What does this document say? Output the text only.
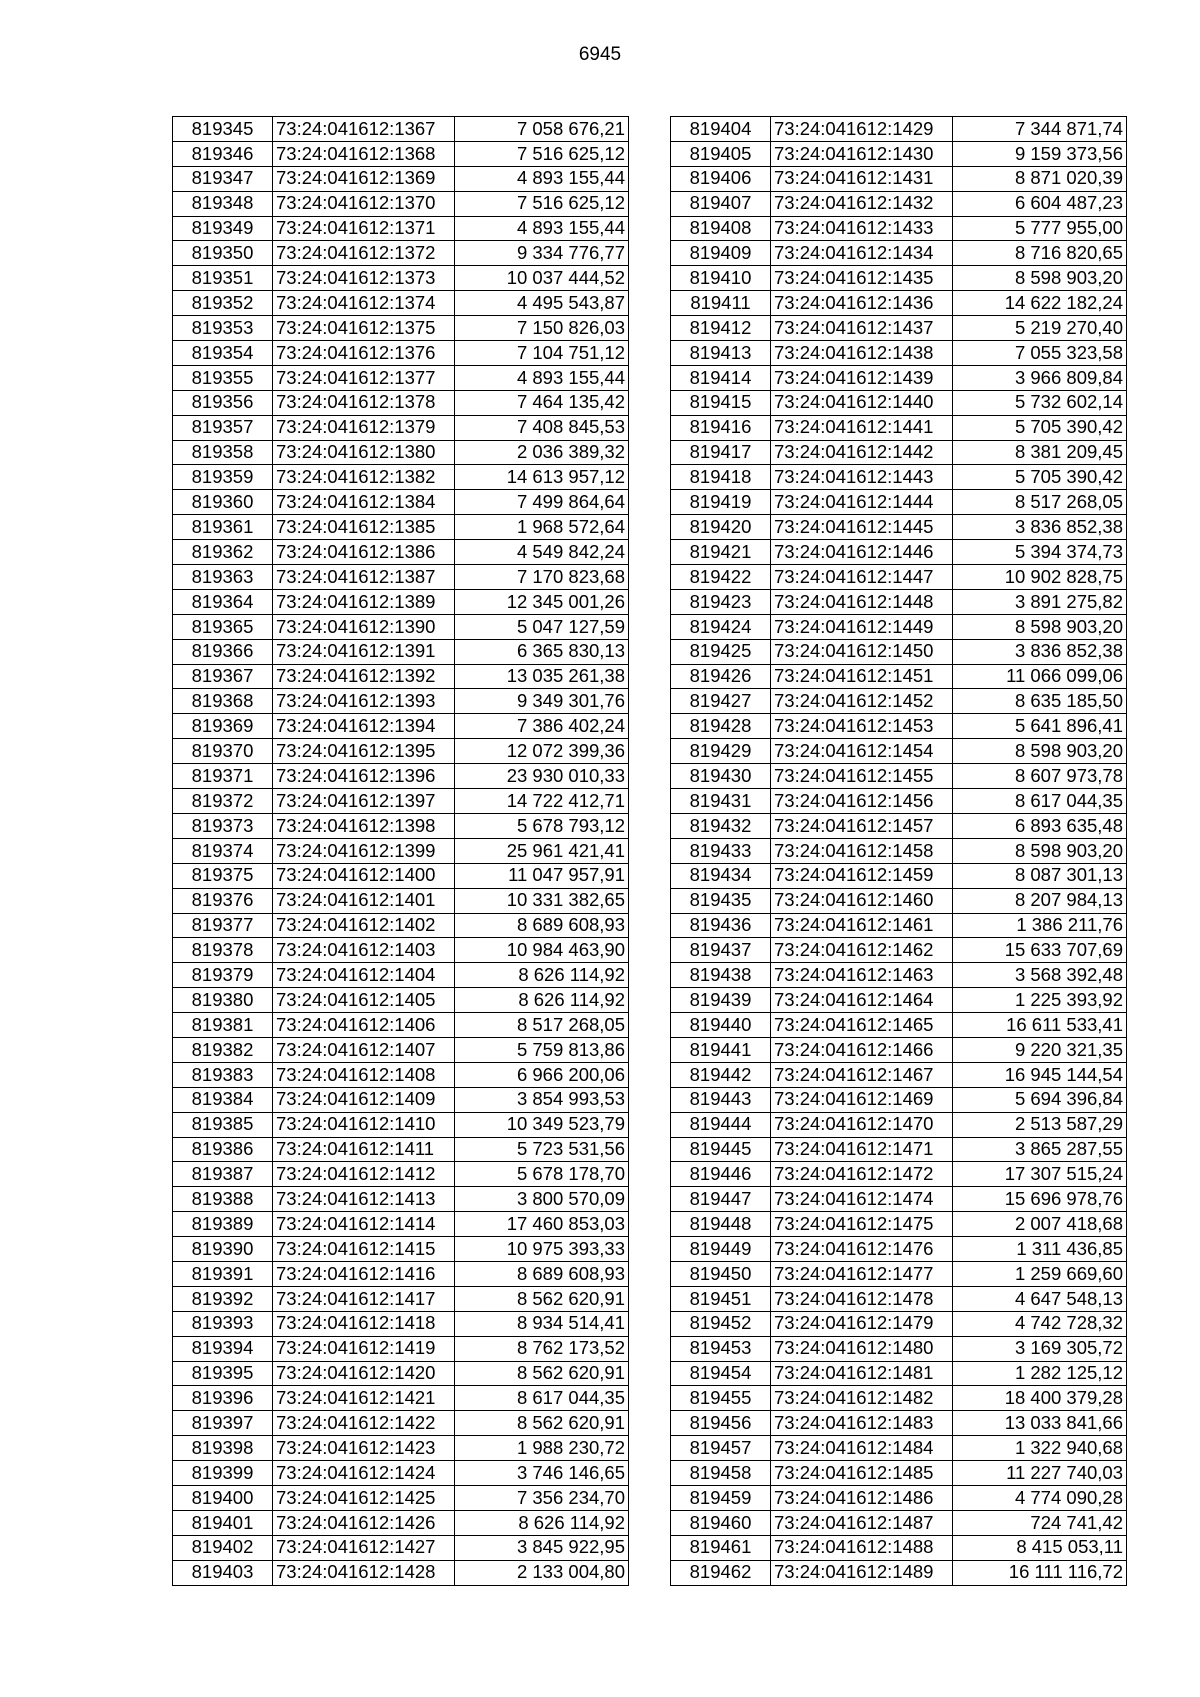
6945
819345	73:24:041612:1367	7 058 676,21
819346	73:24:041612:1368	7 516 625,12
819347	73:24:041612:1369	4 893 155,44
819348	73:24:041612:1370	7 516 625,12
819349	73:24:041612:1371	4 893 155,44
819350	73:24:041612:1372	9 334 776,77
819351	73:24:041612:1373	10 037 444,52
819352	73:24:041612:1374	4 495 543,87
819353	73:24:041612:1375	7 150 826,03
819354	73:24:041612:1376	7 104 751,12
819355	73:24:041612:1377	4 893 155,44
819356	73:24:041612:1378	7 464 135,42
819357	73:24:041612:1379	7 408 845,53
819358	73:24:041612:1380	2 036 389,32
819359	73:24:041612:1382	14 613 957,12
819360	73:24:041612:1384	7 499 864,64
819361	73:24:041612:1385	1 968 572,64
819362	73:24:041612:1386	4 549 842,24
819363	73:24:041612:1387	7 170 823,68
819364	73:24:041612:1389	12 345 001,26
819365	73:24:041612:1390	5 047 127,59
819366	73:24:041612:1391	6 365 830,13
819367	73:24:041612:1392	13 035 261,38
819368	73:24:041612:1393	9 349 301,76
819369	73:24:041612:1394	7 386 402,24
819370	73:24:041612:1395	12 072 399,36
819371	73:24:041612:1396	23 930 010,33
819372	73:24:041612:1397	14 722 412,71
819373	73:24:041612:1398	5 678 793,12
819374	73:24:041612:1399	25 961 421,41
819375	73:24:041612:1400	11 047 957,91
819376	73:24:041612:1401	10 331 382,65
819377	73:24:041612:1402	8 689 608,93
819378	73:24:041612:1403	10 984 463,90
819379	73:24:041612:1404	8 626 114,92
819380	73:24:041612:1405	8 626 114,92
819381	73:24:041612:1406	8 517 268,05
819382	73:24:041612:1407	5 759 813,86
819383	73:24:041612:1408	6 966 200,06
819384	73:24:041612:1409	3 854 993,53
819385	73:24:041612:1410	10 349 523,79
819386	73:24:041612:1411	5 723 531,56
819387	73:24:041612:1412	5 678 178,70
819388	73:24:041612:1413	3 800 570,09
819389	73:24:041612:1414	17 460 853,03
819390	73:24:041612:1415	10 975 393,33
819391	73:24:041612:1416	8 689 608,93
819392	73:24:041612:1417	8 562 620,91
819393	73:24:041612:1418	8 934 514,41
819394	73:24:041612:1419	8 762 173,52
819395	73:24:041612:1420	8 562 620,91
819396	73:24:041612:1421	8 617 044,35
819397	73:24:041612:1422	8 562 620,91
819398	73:24:041612:1423	1 988 230,72
819399	73:24:041612:1424	3 746 146,65
819400	73:24:041612:1425	7 356 234,70
819401	73:24:041612:1426	8 626 114,92
819402	73:24:041612:1427	3 845 922,95
819403	73:24:041612:1428	2 133 004,80
819404	73:24:041612:1429	7 344 871,74
819405	73:24:041612:1430	9 159 373,56
819406	73:24:041612:1431	8 871 020,39
819407	73:24:041612:1432	6 604 487,23
819408	73:24:041612:1433	5 777 955,00
819409	73:24:041612:1434	8 716 820,65
819410	73:24:041612:1435	8 598 903,20
819411	73:24:041612:1436	14 622 182,24
819412	73:24:041612:1437	5 219 270,40
819413	73:24:041612:1438	7 055 323,58
819414	73:24:041612:1439	3 966 809,84
819415	73:24:041612:1440	5 732 602,14
819416	73:24:041612:1441	5 705 390,42
819417	73:24:041612:1442	8 381 209,45
819418	73:24:041612:1443	5 705 390,42
819419	73:24:041612:1444	8 517 268,05
819420	73:24:041612:1445	3 836 852,38
819421	73:24:041612:1446	5 394 374,73
819422	73:24:041612:1447	10 902 828,75
819423	73:24:041612:1448	3 891 275,82
819424	73:24:041612:1449	8 598 903,20
819425	73:24:041612:1450	3 836 852,38
819426	73:24:041612:1451	11 066 099,06
819427	73:24:041612:1452	8 635 185,50
819428	73:24:041612:1453	5 641 896,41
819429	73:24:041612:1454	8 598 903,20
819430	73:24:041612:1455	8 607 973,78
819431	73:24:041612:1456	8 617 044,35
819432	73:24:041612:1457	6 893 635,48
819433	73:24:041612:1458	8 598 903,20
819434	73:24:041612:1459	8 087 301,13
819435	73:24:041612:1460	8 207 984,13
819436	73:24:041612:1461	1 386 211,76
819437	73:24:041612:1462	15 633 707,69
819438	73:24:041612:1463	3 568 392,48
819439	73:24:041612:1464	1 225 393,92
819440	73:24:041612:1465	16 611 533,41
819441	73:24:041612:1466	9 220 321,35
819442	73:24:041612:1467	16 945 144,54
819443	73:24:041612:1469	5 694 396,84
819444	73:24:041612:1470	2 513 587,29
819445	73:24:041612:1471	3 865 287,55
819446	73:24:041612:1472	17 307 515,24
819447	73:24:041612:1474	15 696 978,76
819448	73:24:041612:1475	2 007 418,68
819449	73:24:041612:1476	1 311 436,85
819450	73:24:041612:1477	1 259 669,60
819451	73:24:041612:1478	4 647 548,13
819452	73:24:041612:1479	4 742 728,32
819453	73:24:041612:1480	3 169 305,72
819454	73:24:041612:1481	1 282 125,12
819455	73:24:041612:1482	18 400 379,28
819456	73:24:041612:1483	13 033 841,66
819457	73:24:041612:1484	1 322 940,68
819458	73:24:041612:1485	11 227 740,03
819459	73:24:041612:1486	4 774 090,28
819460	73:24:041612:1487	724 741,42
819461	73:24:041612:1488	8 415 053,11
819462	73:24:041612:1489	16 111 116,72
